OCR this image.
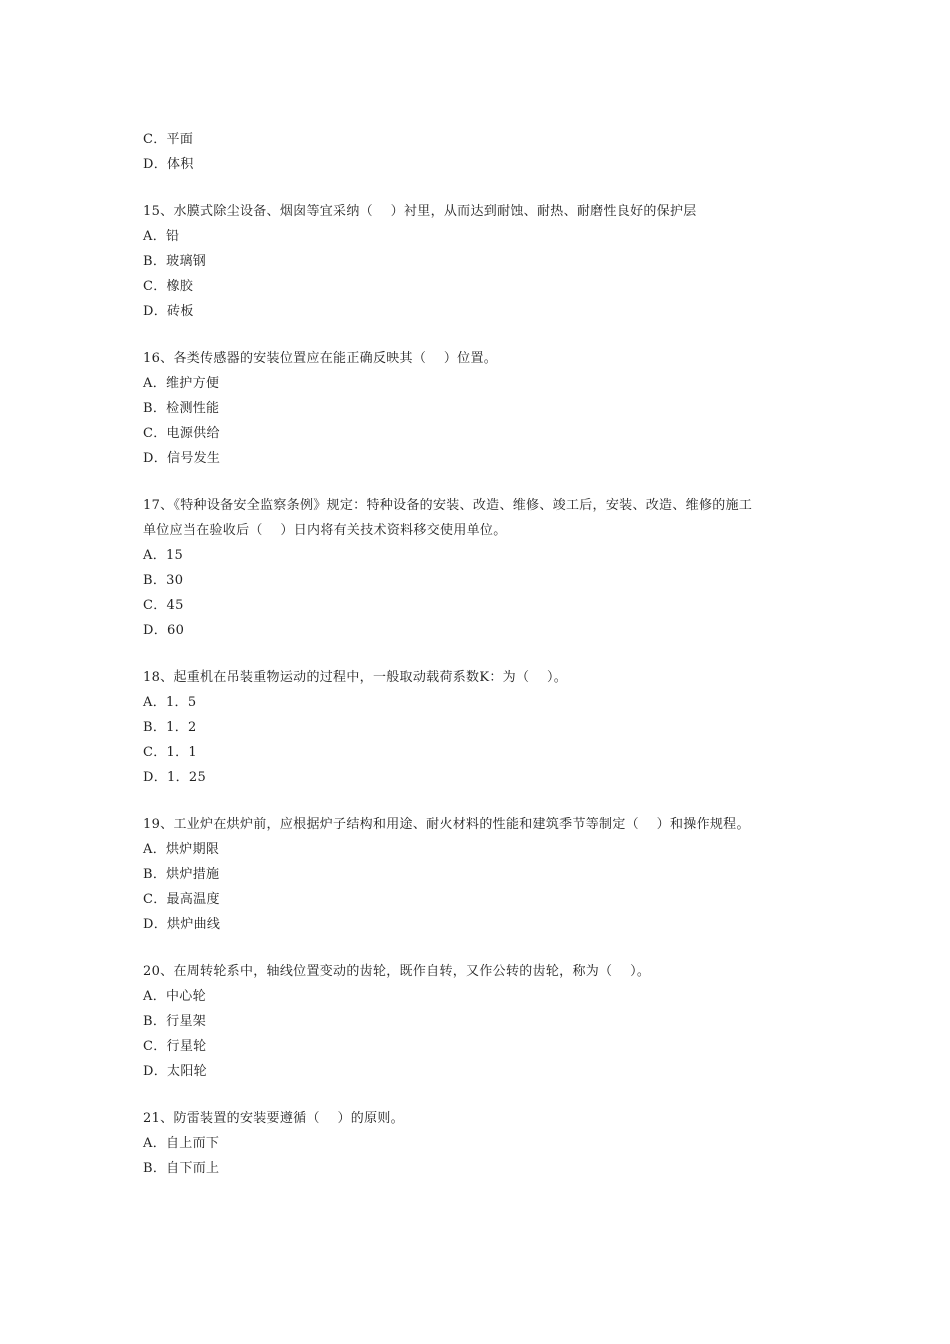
C．平面
D．体积
15、水膜式除尘设备、烟囱等宜采纳（　 ）衬里，从而达到耐蚀、耐热、耐磨性良好的保护层
A．铅
B．玻璃钢
C．橡胶
D．砖板
16、各类传感器的安装位置应在能正确反映其（　 ）位置。
A．维护方便
B．检测性能
C．电源供给
D．信号发生
17、《特种设备安全监察条例》规定：特种设备的安装、改造、维修、竣工后，安装、改造、维修的施工
单位应当在验收后（　 ）日内将有关技术资料移交使用单位。
A．15
B．30
C．45
D．60
18、起重机在吊装重物运动的过程中，一般取动载荷系数K：为（　 ）。
A．1．5
B．1．2
C．1．1
D．1．25
19、工业炉在烘炉前，应根据炉子结构和用途、耐火材料的性能和建筑季节等制定（　 ）和操作规程。
A．烘炉期限
B．烘炉措施
C．最高温度
D．烘炉曲线
20、在周转轮系中，轴线位置变动的齿轮，既作自转，又作公转的齿轮，称为（　 ）。
A．中心轮
B．行星架
C．行星轮
D．太阳轮
21、防雷装置的安装要遵循（　 ）的原则。
A．自上而下
B．自下而上
